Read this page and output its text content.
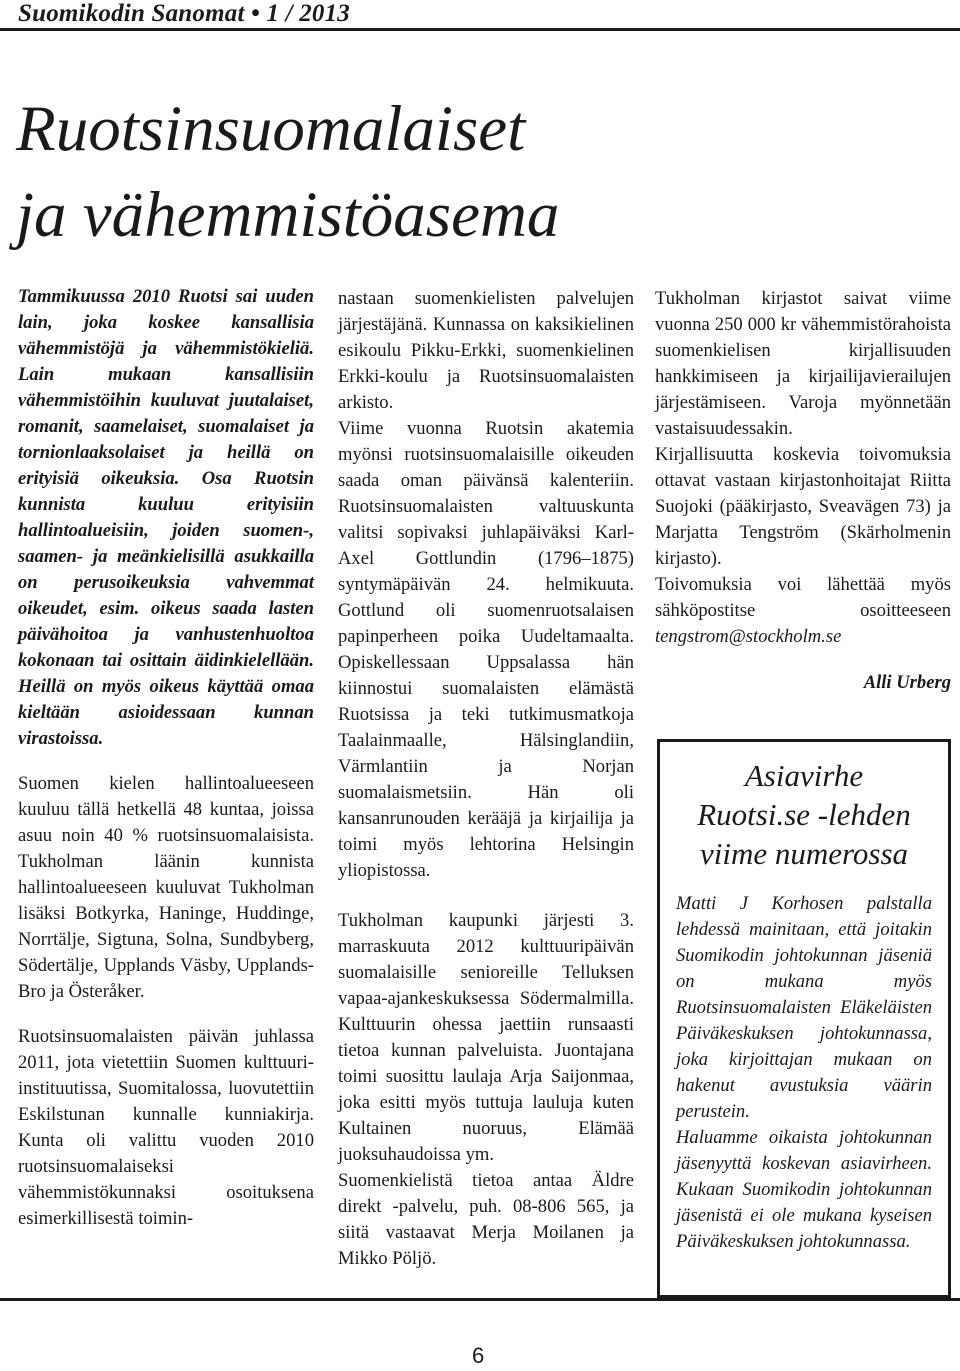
Suomikodin Sanomat • 1 / 2013
Ruotsinsuomalaiset
ja vähemmistöasema

Tammikuussa 2010 Ruotsi sai uuden lain, joka koskee kansallisia vähemmistöjä ja vähemmistökieliä. Lain mukaan kansallisiin vähemmistöihin kuuluvat juutalaiset, romanit, saamelaiset, suomalaiset ja tornionlaaksolaiset ja heillä on erityisiä oikeuksia. Osa Ruotsin kunnista kuuluu erityisiin hallintoalueisiin, joiden suomen-, saamen- ja meänkielisillä asukkailla on perusoikeuksia vahvemmat oikeudet, esim. oikeus saada lasten päivähoitoa ja vanhustenhuoltoa kokonaan tai osittain äidinkielellään. Heillä on myös oikeus käyttää omaa kieltään asioidessaan kunnan virastoissa.

Suomen kielen hallintoalueeseen kuuluu tällä hetkellä 48 kuntaa, joissa asuu noin 40 % ruotsinsuomalaisista. Tukholman läänin kunnista hallintoalueeseen kuuluvat Tukholman lisäksi Botkyrka, Haninge, Huddinge, Norrtälje, Sigtuna, Solna, Sundbyberg, Södertälje, Upplands Väsby, Upplands-Bro ja Österåker.

Ruotsinsuomalaisten päivän juhlassa 2011, jota vietettiin Suomen kulttuuri-instituutissa, Suomitalossa, luovutettiin Eskilstunan kunnalle kunniakirja. Kunta oli valittu vuoden 2010 ruotsinsuomalaiseksi vähemmistökunnaksi osoituksena esimerkillisestä toimin-

nastaan suomenkielisten palvelujen järjestäjänä. Kunnassa on kaksikielinen esikoulu Pikku-Erkki, suomenkielinen Erkki-koulu ja Ruotsinsuomalaisten arkisto.

Viime vuonna Ruotsin akatemia myönsi ruotsinsuomalaisille oikeuden saada oman päivänsä kalenteriin. Ruotsinsuomalaisten valtuuskunta valitsi sopivaksi juhlapäiväksi Karl-Axel Gottlundin (1796–1875) syntymäpäivän 24. helmikuuta. Gottlund oli suomenruotsalaisen papinperheen poika Uudeltamaalta. Opiskellessaan Uppsalassa hän kiinnostui suomalaisten elämästä Ruotsissa ja teki tutkimusmatkoja Taalainmaalle, Hälsinglandiin, Värmlantiin ja Norjan suomalaismetsiin. Hän oli kansanrunouden kerääjä ja kirjailija ja toimi myös lehtorina Helsingin yliopistossa.

Tukholman kaupunki järjesti 3. marraskuuta 2012 kulttuuripäivän suomalaisille senioreille Telluksen vapaa-ajankeskuksessa Södermalmilla. Kulttuurin ohessa jaettiin runsaasti tietoa kunnan palveluista. Juontajana toimi suosittu laulaja Arja Saijonmaa, joka esitti myös tuttuja lauluja kuten Kultainen nuoruus, Elämää juoksuhaudoissa ym.

Suomenkielistä tietoa antaa Äldre direkt -palvelu, puh. 08-806 565, ja siitä vastaavat Merja Moilanen ja Mikko Pöljö.

Tukholman kirjastot saivat viime vuonna 250 000 kr vähemmistörahoista suomenkielisen kirjallisuuden hankkimiseen ja kirjailijavierailujen järjestämiseen. Varoja myönnetään vastaisuudessakin.

Kirjallisuutta koskevia toivomuksia ottavat vastaan kirjastonhoitajat Riitta Suojoki (pääkirjasto, Sveavägen 73) ja Marjatta Tengström (Skärholmenin kirjasto).

Toivomuksia voi lähettää myös sähköpostitse osoitteeseen tengstrom@stockholm.se

Alli Urberg

Asiavirhe
Ruotsi.se -lehden
viime numerossa

Matti J Korhosen palstalla lehdessä mainitaan, että joitakin Suomikodin johtokunnan jäseniä on mukana myös Ruotsinsuomalaisten Eläkeläisten Päiväkeskuksen johtokunnassa, joka kirjoittajan mukaan on hakenut avustuksia väärin perustein.

Haluamme oikaista johtokunnan jäsenyyttä koskevan asiavirheen. Kukaan Suomikodin johtokunnan jäsenistä ei ole mukana kyseisen Päiväkeskuksen johtokunnassa.

6
